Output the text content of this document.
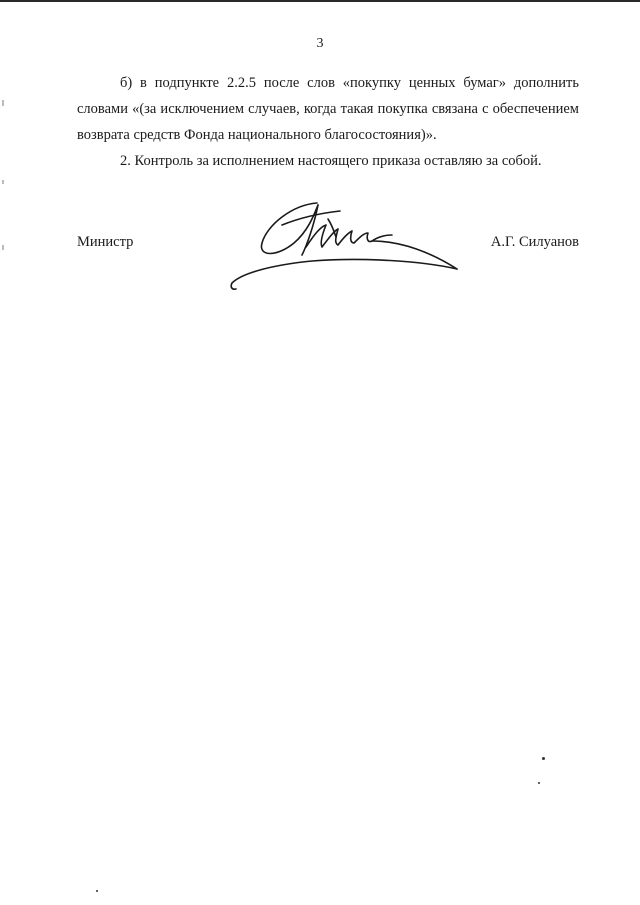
3

б) в подпункте 2.2.5 после слов «покупку ценных бумаг» дополнить словами «(за исключением случаев, когда такая покупка связана с обеспечением возврата средств Фонда национального благосостояния)».

2. Контроль за исполнением настоящего приказа оставляю за собой.

Министр	А.Г. Силуанов
